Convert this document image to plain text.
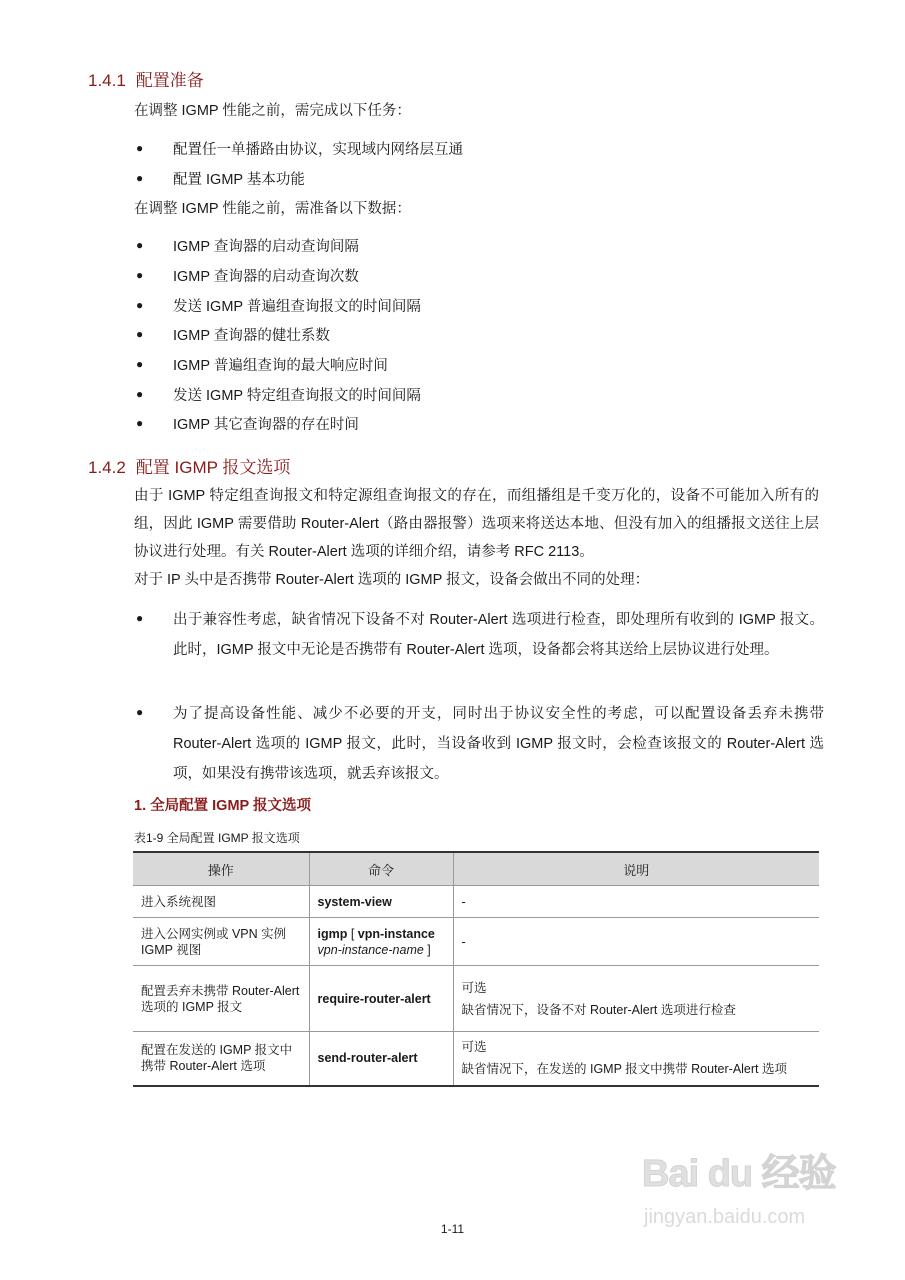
1.4.1 配置准备

在调整 IGMP 性能之前，需完成以下任务：

● 配置任一单播路由协议，实现域内网络层互通
● 配置 IGMP 基本功能

在调整 IGMP 性能之前，需准备以下数据：

● IGMP 查询器的启动查询间隔
● IGMP 查询器的启动查询次数
● 发送 IGMP 普遍组查询报文的时间间隔
● IGMP 查询器的健壮系数
● IGMP 普遍组查询的最大响应时间
● 发送 IGMP 特定组查询报文的时间间隔
● IGMP 其它查询器的存在时间
1.4.2 配置 IGMP 报文选项

由于 IGMP 特定组查询报文和特定源组查询报文的存在，而组播组是千变万化的，设备不可能加入所有的组，因此 IGMP 需要借助 Router-Alert（路由器报警）选项来将送达本地、但没有加入的组播报文送往上层协议进行处理。有关 Router-Alert 选项的详细介绍，请参考 RFC 2113。

对于 IP 头中是否携带 Router-Alert 选项的 IGMP 报文，设备会做出不同的处理：

● 出于兼容性考虑，缺省情况下设备不对 Router-Alert 选项进行检查，即处理所有收到的 IGMP 报文。此时，IGMP 报文中无论是否携带有 Router-Alert 选项，设备都会将其送给上层协议进行处理。
● 为了提高设备性能、减少不必要的开支，同时出于协议安全性的考虑，可以配置设备丢弃未携带 Router-Alert 选项的 IGMP 报文，此时，当设备收到 IGMP 报文时，会检查该报文的 Router-Alert 选项，如果没有携带该选项，就丢弃该报文。
1. 全局配置 IGMP 报文选项

表1-9 全局配置 IGMP 报文选项

操作	命令	说明
进入系统视图	system-view	-
进入公网实例或 VPN 实例 IGMP 视图	igmp [ vpn-instance
vpn-instance-name ]	-
配置丢弃未携带 Router-Alert 选项的 IGMP 报文	require-router-alert	可选
缺省情况下，设备不对 Router-Alert 选项进行检查

配置在发送的 IGMP 报文中携带 Router-Alert 选项	send-router-alert	可选
缺省情况下，在发送的 IGMP 报文中携带 Router-Alert 选项
1-11
Bai du 经验
jingyan.baidu.com
